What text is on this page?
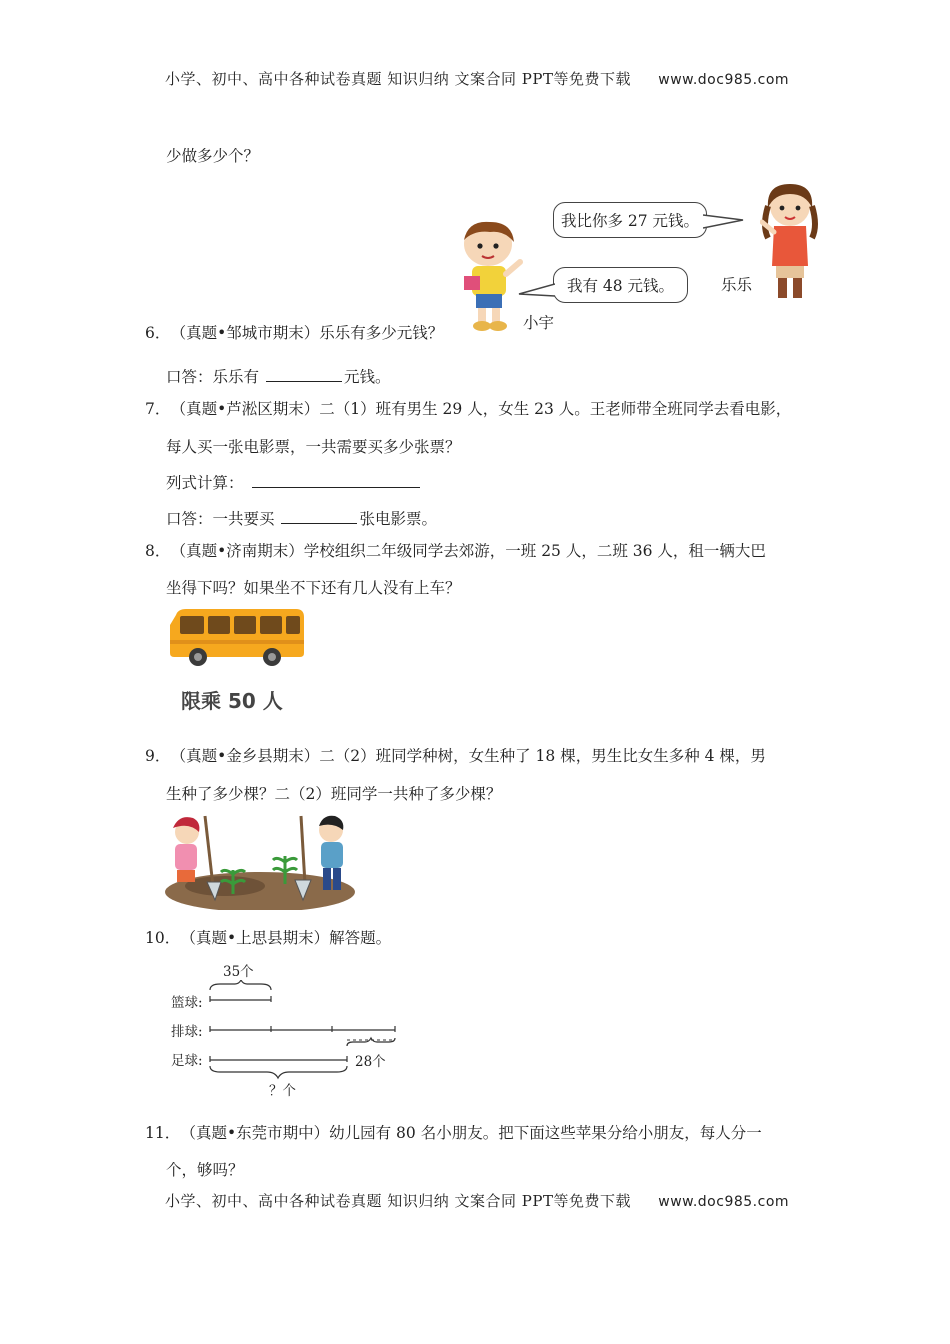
小学、初中、高中各种试卷真题 知识归纳 文案合同 PPT等免费下载 www.doc985.com
少做多少个？
我比你多 27 元钱。
我有 48 元钱。	乐乐
小宇
6． （真题•邹城市期末）乐乐有多少元钱？
口答：乐乐有	元钱。
7． （真题•芦淞区期末）二（1）班有男生 29 人，女生 23 人。王老师带全班同学去看电影，
每人买一张电影票，一共需要买多少张票？
列式计算：
口答：一共要买	张电影票。
8． （真题•济南期末）学校组织二年级同学去郊游，一班 25 人，二班 36 人，租一辆大巴
坐得下吗？如果坐不下还有几人没有上车？
限乘 50 人
9． （真题•金乡县期末）二（2）班同学种树，女生种了 18 棵，男生比女生多种 4 棵，男
生种了多少棵？二（2）班同学一共种了多少棵？
10． （真题•上思县期末）解答题。
35个
篮球:
排球:
足球:	28个
？个
11． （真题•东莞市期中）幼儿园有 80 名小朋友。把下面这些苹果分给小朋友，每人分一
个，够吗？
小学、初中、高中各种试卷真题 知识归纳 文案合同 PPT等免费下载 www.doc985.com
